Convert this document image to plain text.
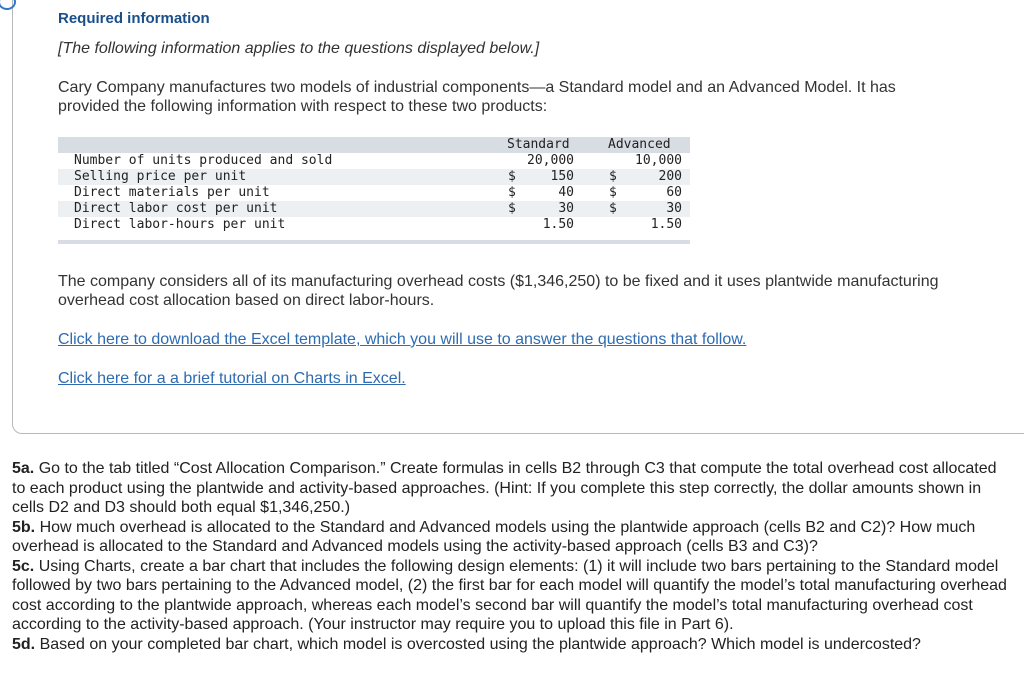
Required information
[The following information applies to the questions displayed below.]
Cary Company manufactures two models of industrial components—a Standard model and an Advanced Model. It has provided the following information with respect to these two products:
Standard	Advanced
Number of units produced and sold	20,000	10,000
Selling price per unit	$	150	$	200
Direct materials per unit	$	40	$	60
Direct labor cost per unit	$	30	$	30
Direct labor-hours per unit	1.50	1.50
The company considers all of its manufacturing overhead costs ($1,346,250) to be fixed and it uses plantwide manufacturing overhead cost allocation based on direct labor-hours.
Click here to download the Excel template, which you will use to answer the questions that follow.
Click here for a a brief tutorial on Charts in Excel.

5a. Go to the tab titled “Cost Allocation Comparison.” Create formulas in cells B2 through C3 that compute the total overhead cost allocated to each product using the plantwide and activity-based approaches. (Hint: If you complete this step correctly, the dollar amounts shown in cells D2 and D3 should both equal $1,346,250.)

5b. How much overhead is allocated to the Standard and Advanced models using the plantwide approach (cells B2 and C2)? How much overhead is allocated to the Standard and Advanced models using the activity-based approach (cells B3 and C3)?

5c. Using Charts, create a bar chart that includes the following design elements: (1) it will include two bars pertaining to the Standard model followed by two bars pertaining to the Advanced model, (2) the first bar for each model will quantify the model’s total manufacturing overhead cost according to the plantwide approach, whereas each model’s second bar will quantify the model’s total manufacturing overhead cost according to the activity-based approach. (Your instructor may require you to upload this file in Part 6).

5d. Based on your completed bar chart, which model is overcosted using the plantwide approach? Which model is undercosted?
